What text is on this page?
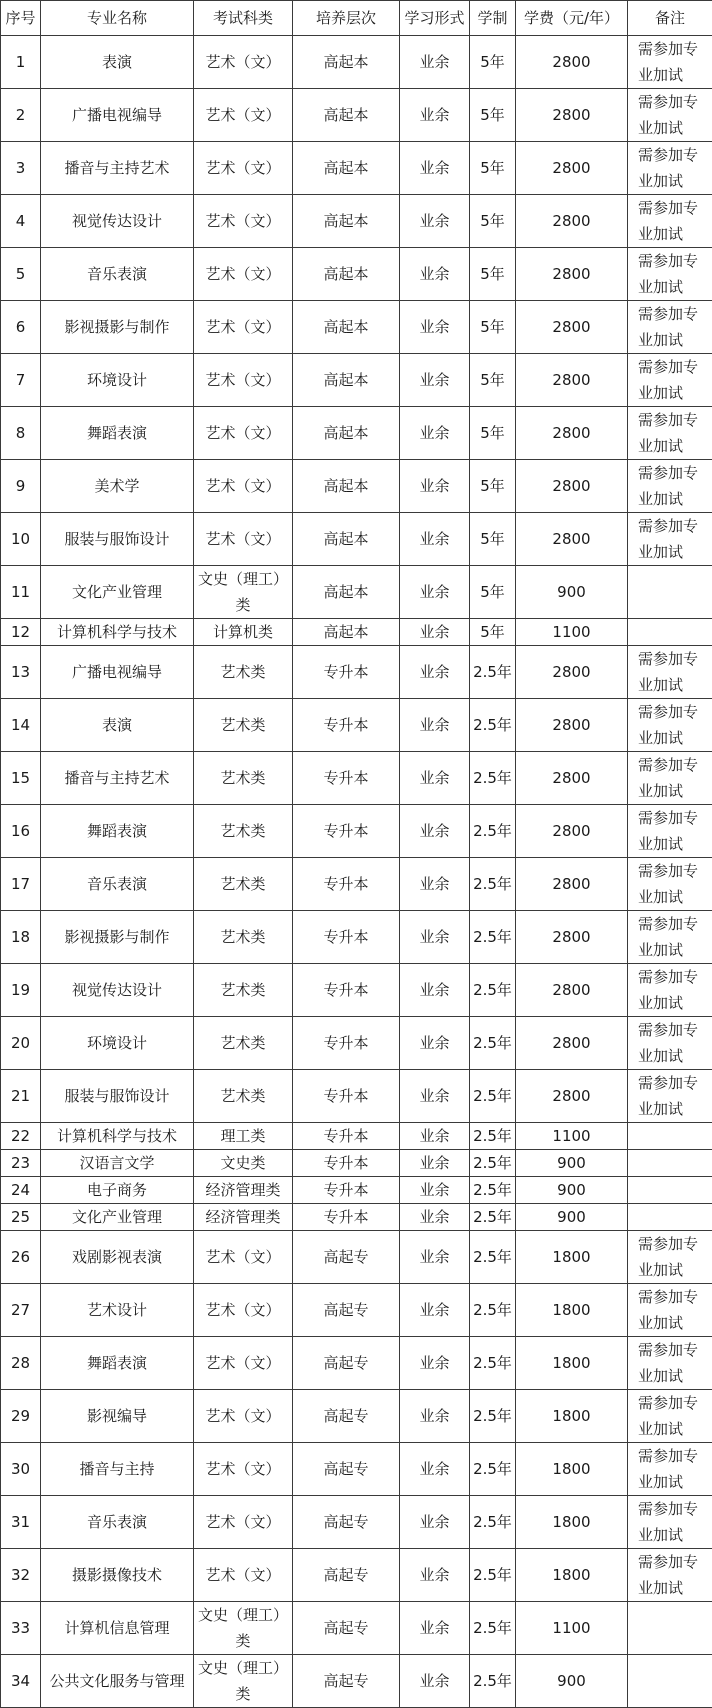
序号	专业名称	考试科类	培养层次	学习形式	学制	学费（元/年）	备注
1	表演	艺术（文）	高起本	业余	5年	2800	需参加专业加试
2	广播电视编导	艺术（文）	高起本	业余	5年	2800	需参加专业加试
3	播音与主持艺术	艺术（文）	高起本	业余	5年	2800	需参加专业加试
4	视觉传达设计	艺术（文）	高起本	业余	5年	2800	需参加专业加试
5	音乐表演	艺术（文）	高起本	业余	5年	2800	需参加专业加试
6	影视摄影与制作	艺术（文）	高起本	业余	5年	2800	需参加专业加试
7	环境设计	艺术（文）	高起本	业余	5年	2800	需参加专业加试
8	舞蹈表演	艺术（文）	高起本	业余	5年	2800	需参加专业加试
9	美术学	艺术（文）	高起本	业余	5年	2800	需参加专业加试
10	服装与服饰设计	艺术（文）	高起本	业余	5年	2800	需参加专业加试
11	文化产业管理	文史（理工）类	高起本	业余	5年	900	
12	计算机科学与技术	计算机类	高起本	业余	5年	1100	
13	广播电视编导	艺术类	专升本	业余	2.5年	2800	需参加专业加试
14	表演	艺术类	专升本	业余	2.5年	2800	需参加专业加试
15	播音与主持艺术	艺术类	专升本	业余	2.5年	2800	需参加专业加试
16	舞蹈表演	艺术类	专升本	业余	2.5年	2800	需参加专业加试
17	音乐表演	艺术类	专升本	业余	2.5年	2800	需参加专业加试
18	影视摄影与制作	艺术类	专升本	业余	2.5年	2800	需参加专业加试
19	视觉传达设计	艺术类	专升本	业余	2.5年	2800	需参加专业加试
20	环境设计	艺术类	专升本	业余	2.5年	2800	需参加专业加试
21	服装与服饰设计	艺术类	专升本	业余	2.5年	2800	需参加专业加试
22	计算机科学与技术	理工类	专升本	业余	2.5年	1100	
23	汉语言文学	文史类	专升本	业余	2.5年	900	
24	电子商务	经济管理类	专升本	业余	2.5年	900	
25	文化产业管理	经济管理类	专升本	业余	2.5年	900	
26	戏剧影视表演	艺术（文）	高起专	业余	2.5年	1800	需参加专业加试
27	艺术设计	艺术（文）	高起专	业余	2.5年	1800	需参加专业加试
28	舞蹈表演	艺术（文）	高起专	业余	2.5年	1800	需参加专业加试
29	影视编导	艺术（文）	高起专	业余	2.5年	1800	需参加专业加试
30	播音与主持	艺术（文）	高起专	业余	2.5年	1800	需参加专业加试
31	音乐表演	艺术（文）	高起专	业余	2.5年	1800	需参加专业加试
32	摄影摄像技术	艺术（文）	高起专	业余	2.5年	1800	需参加专业加试
33	计算机信息管理	文史（理工）类	高起专	业余	2.5年	1100	
34	公共文化服务与管理	文史（理工）类	高起专	业余	2.5年	900	
